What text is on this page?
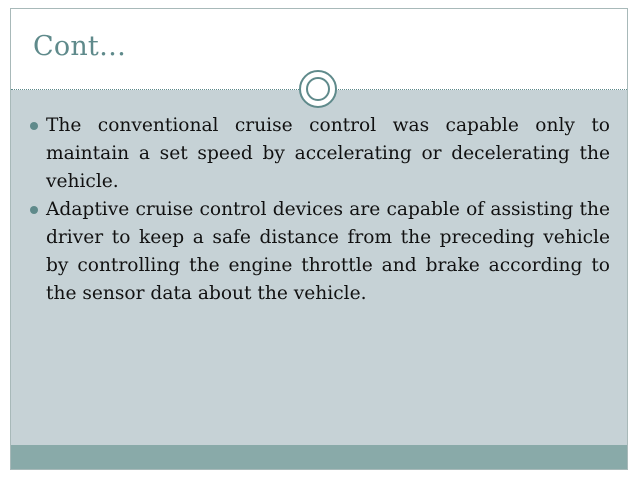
Cont…
The conventional cruise control was capable only to maintain a set speed by accelerating or decelerating the vehicle.
Adaptive cruise control devices are capable of assisting the driver to keep a safe distance from the preceding vehicle by controlling the engine throttle and brake according to the sensor data about the vehicle.
